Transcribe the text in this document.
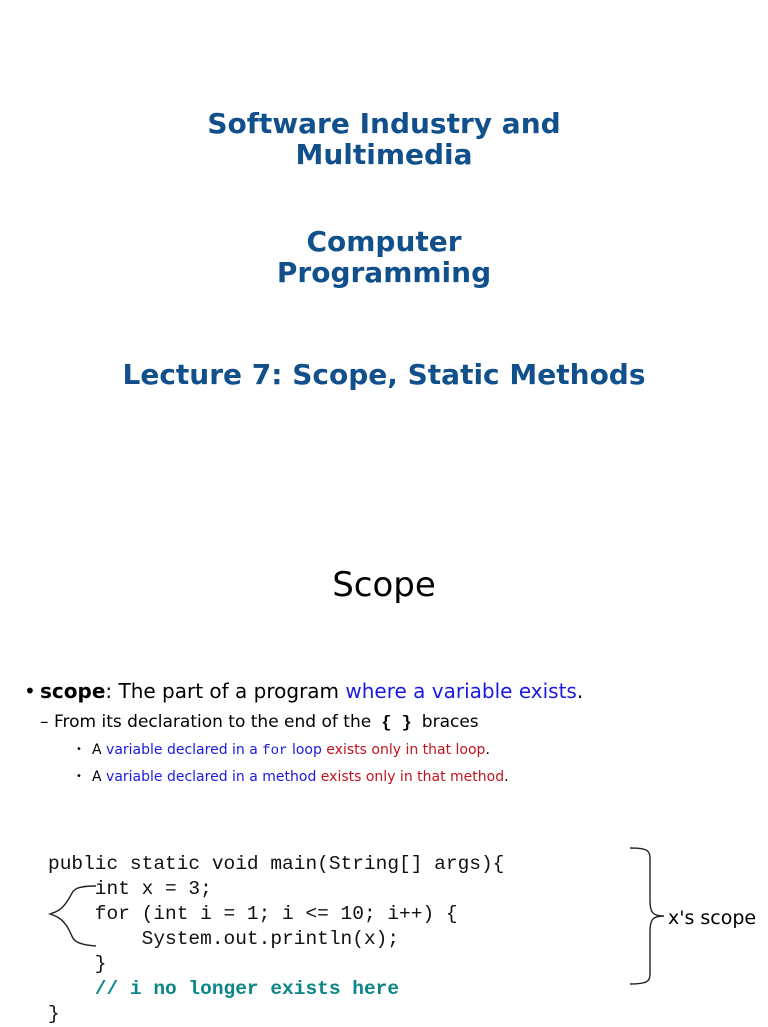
Software Industry and
Multimedia
Computer
Programming
Lecture 7: Scope, Static Methods
Scope
• scope: The part of a program where a variable exists.
– From its declaration to the end of the { } braces
• A variable declared in a for loop exists only in that loop.
• A variable declared in a method exists only in that method.
public static void main(String[] args){
int x = 3;
for (int i = 1; i <= 10; i++) {
System.out.println(x);
}
// i no longer exists here
}
x's scope
